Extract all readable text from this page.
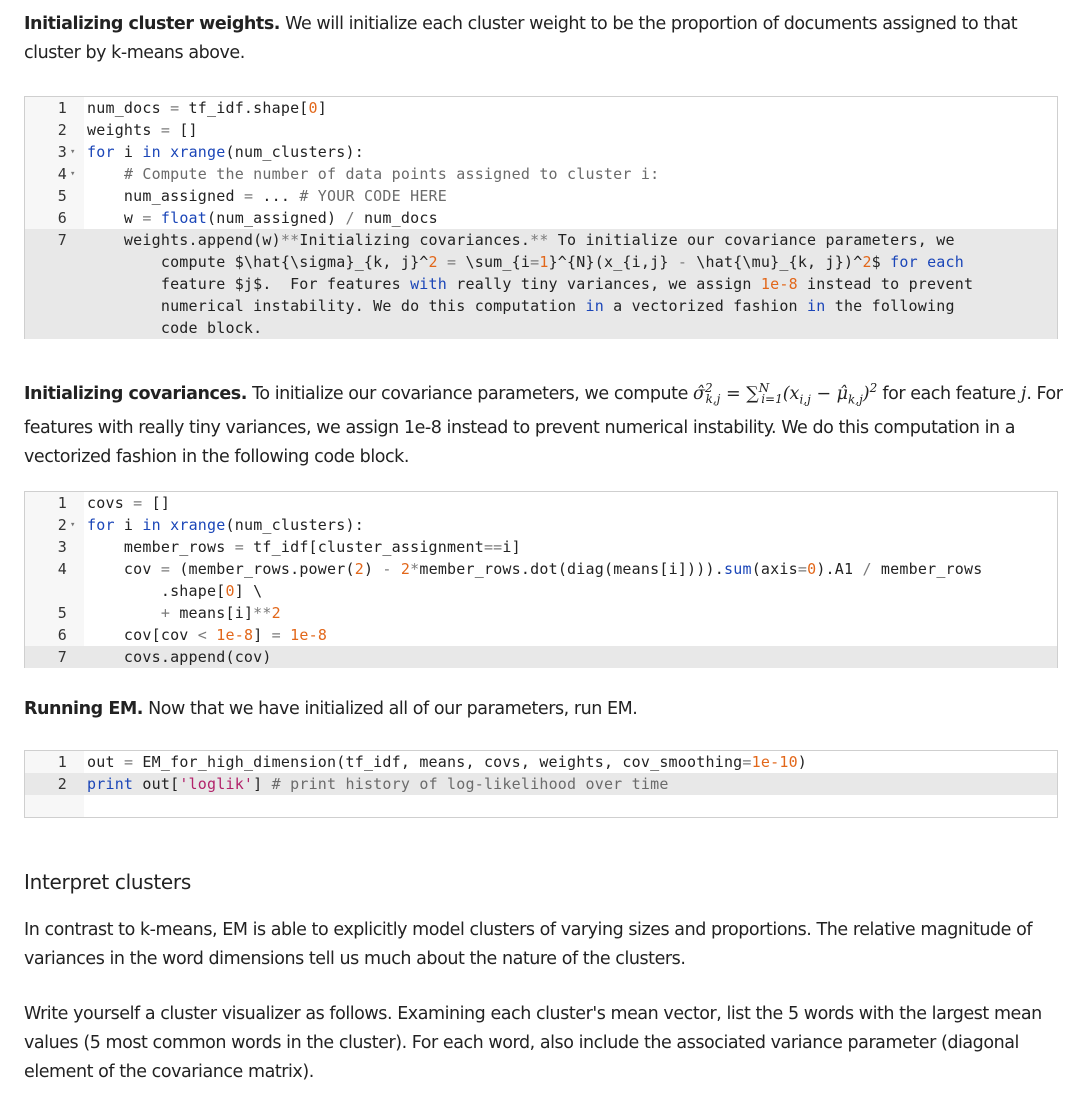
Initializing cluster weights. We will initialize each cluster weight to be the proportion of documents assigned to that cluster by k-means above.

1 num_docs = tf_idf.shape[0]
2 weights = []
3 ▾ for i in xrange(num_clusters):
4 ▾	# Compute the number of data points assigned to cluster i:
5 num_assigned = ... # YOUR CODE HERE
6 w = float(num_assigned) / num_docs
7 weights.append(w)**Initializing covariances.** To initialize our covariance parameters, we
compute $\hat{\sigma}_{k, j}^2 = \sum_{i=1}^{N}(x_{i,j} - \hat{\mu}_{k, j})^2$ for each
feature $j$.  For features with really tiny variances, we assign 1e-8 instead to prevent
numerical instability. We do this computation in a vectorized fashion in the following
code block.

Initializing covariances. To initialize our covariance parameters, we compute σ̂$^2_{k,j}$ = $\sum^N_{i=1}(x_{i,j}$ − $\mû_{k,j})^2$ for each feature j. For features with really tiny variances, we assign 1e-8 instead to prevent numerical instability. We do this computation in a vectorized fashion in the following code block.

1 covs = []
2 ▾ for i in xrange(num_clusters):
3 member_rows = tf_idf[cluster_assignment==i]
4 cov = (member_rows.power(2) - 2*member_rows.dot(diag(means[i]))).sum(axis=0).A1 / member_rows
.shape[0] \
5	+ means[i]**2
6 cov[cov < 1e-8] = 1e-8
7 covs.append(cov)

Running EM. Now that we have initialized all of our parameters, run EM.

1 out = EM_for_high_dimension(tf_idf, means, covs, weights, cov_smoothing=1e-10)
2 print out['loglik'] # print history of log-likelihood over time
Interpret clusters

In contrast to k-means, EM is able to explicitly model clusters of varying sizes and proportions. The relative magnitude of variances in the word dimensions tell us much about the nature of the clusters.

Write yourself a cluster visualizer as follows. Examining each cluster's mean vector, list the 5 words with the largest mean values (5 most common words in the cluster). For each word, also include the associated variance parameter (diagonal element of the covariance matrix).
